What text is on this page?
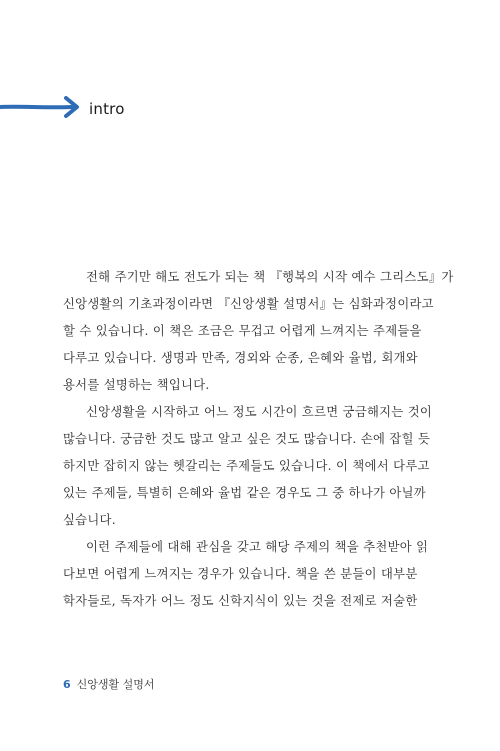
intro

전해 주기만 해도 전도가 되는 책 『행복의 시작 예수 그리스도』가
신앙생활의 기초과정이라면 『신앙생활 설명서』는 심화과정이라고
할 수 있습니다. 이 책은 조금은 무겁고 어렵게 느껴지는 주제들을
다루고 있습니다. 생명과 만족, 경외와 순종, 은혜와 율법, 회개와
용서를 설명하는 책입니다.

신앙생활을 시작하고 어느 정도 시간이 흐르면 궁금해지는 것이
많습니다. 궁금한 것도 많고 알고 싶은 것도 많습니다. 손에 잡힐 듯
하지만 잡히지 않는 헷갈리는 주제들도 있습니다. 이 책에서 다루고
있는 주제들, 특별히 은혜와 율법 같은 경우도 그 중 하나가 아닐까
싶습니다.

이런 주제들에 대해 관심을 갖고 해당 주제의 책을 추천받아 읽
다보면 어렵게 느껴지는 경우가 있습니다. 책을 쓴 분들이 대부분
학자들로, 독자가 어느 정도 신학지식이 있는 것을 전제로 저술한

6 신앙생활 설명서
